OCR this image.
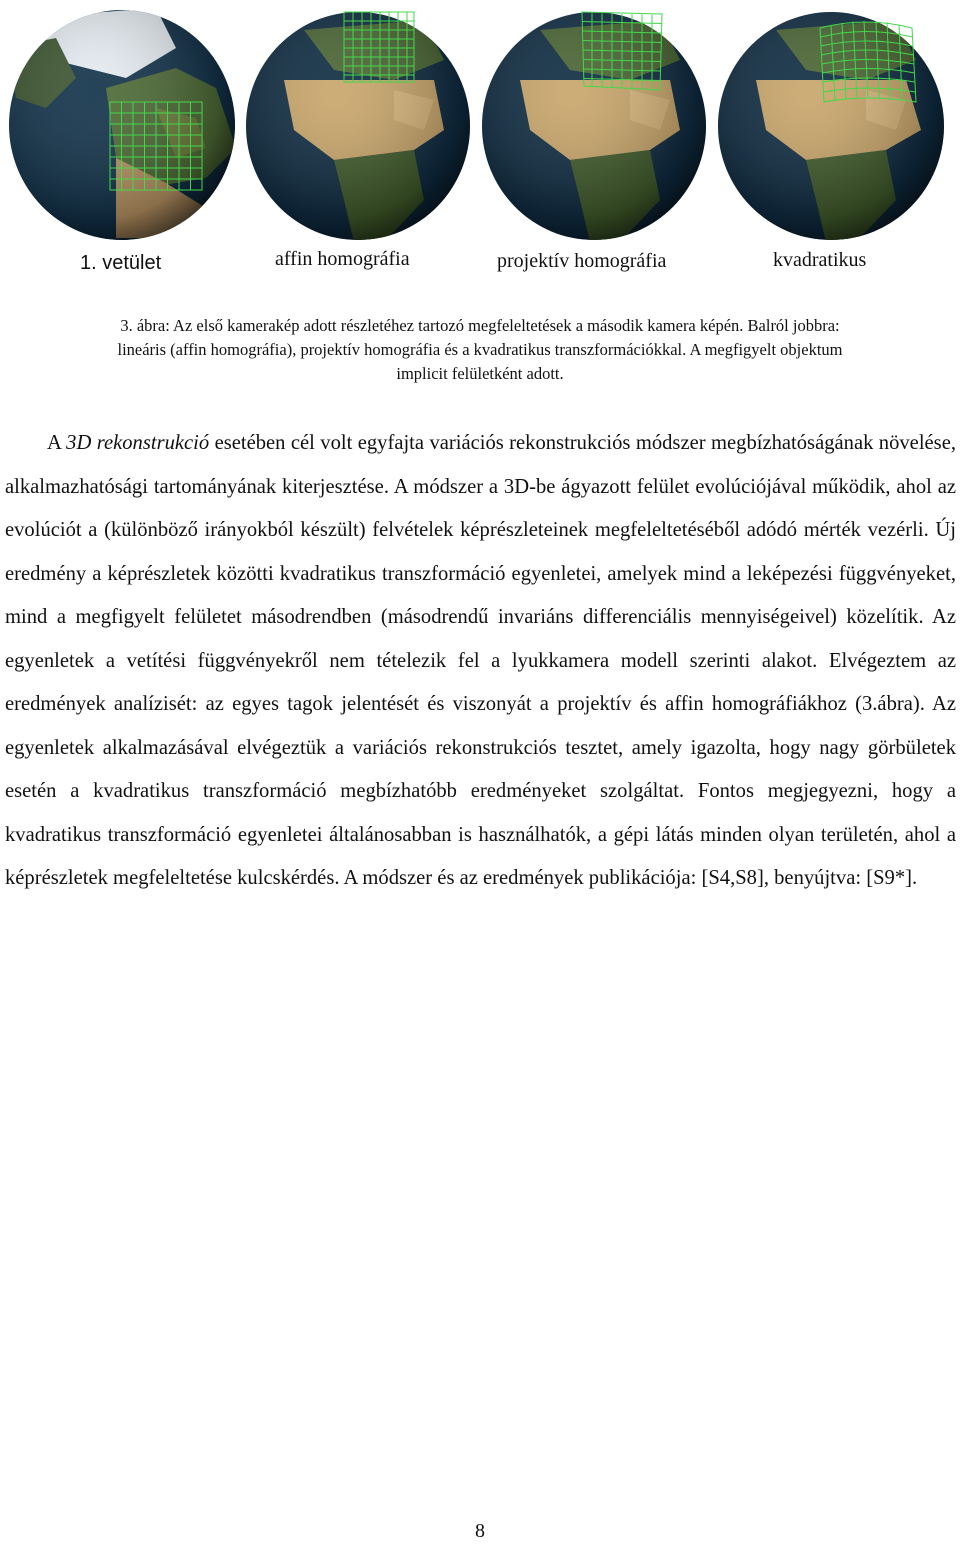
1. vetület	affin homográfia	projektív homográfia	kvadratikus
3. ábra: Az első kamerakép adott részletéhez tartozó megfeleltetések a második kamera képén. Balról jobbra:
lineáris (affin homográfia), projektív homográfia és a kvadratikus transzformációkkal. A megfigyelt objektum
implicit felületként adott.

A 3D rekonstrukció esetében cél volt egyfajta variációs rekonstrukciós módszer megbízhatóságának növelése, alkalmazhatósági tartományának kiterjesztése. A módszer a 3D-be ágyazott felület evolúciójával működik, ahol az evolúciót a (különböző irányokból készült) felvételek képrészleteinek megfeleltetéséből adódó mérték vezérli. Új eredmény a képrészletek közötti kvadratikus transzformáció egyenletei, amelyek mind a leképezési függvényeket, mind a megfigyelt felületet másodrendben (másodrendű invariáns differenciális mennyiségeivel) közelítik. Az egyenletek a vetítési függvényekről nem tételezik fel a lyukkamera modell szerinti alakot. Elvégeztem az eredmények analízisét: az egyes tagok jelentését és viszonyát a projektív és affin homográfiákhoz (3.ábra). Az egyenletek alkalmazásával elvégeztük a variációs rekonstrukciós tesztet, amely igazolta, hogy nagy görbületek esetén a kvadratikus transzformáció megbízhatóbb eredményeket szolgáltat. Fontos megjegyezni, hogy a kvadratikus transzformáció egyenletei általánosabban is használhatók, a gépi látás minden olyan területén, ahol a képrészletek megfeleltetése kulcskérdés. A módszer és az eredmények publikációja: [S4,S8], benyújtva: [S9*].

8
